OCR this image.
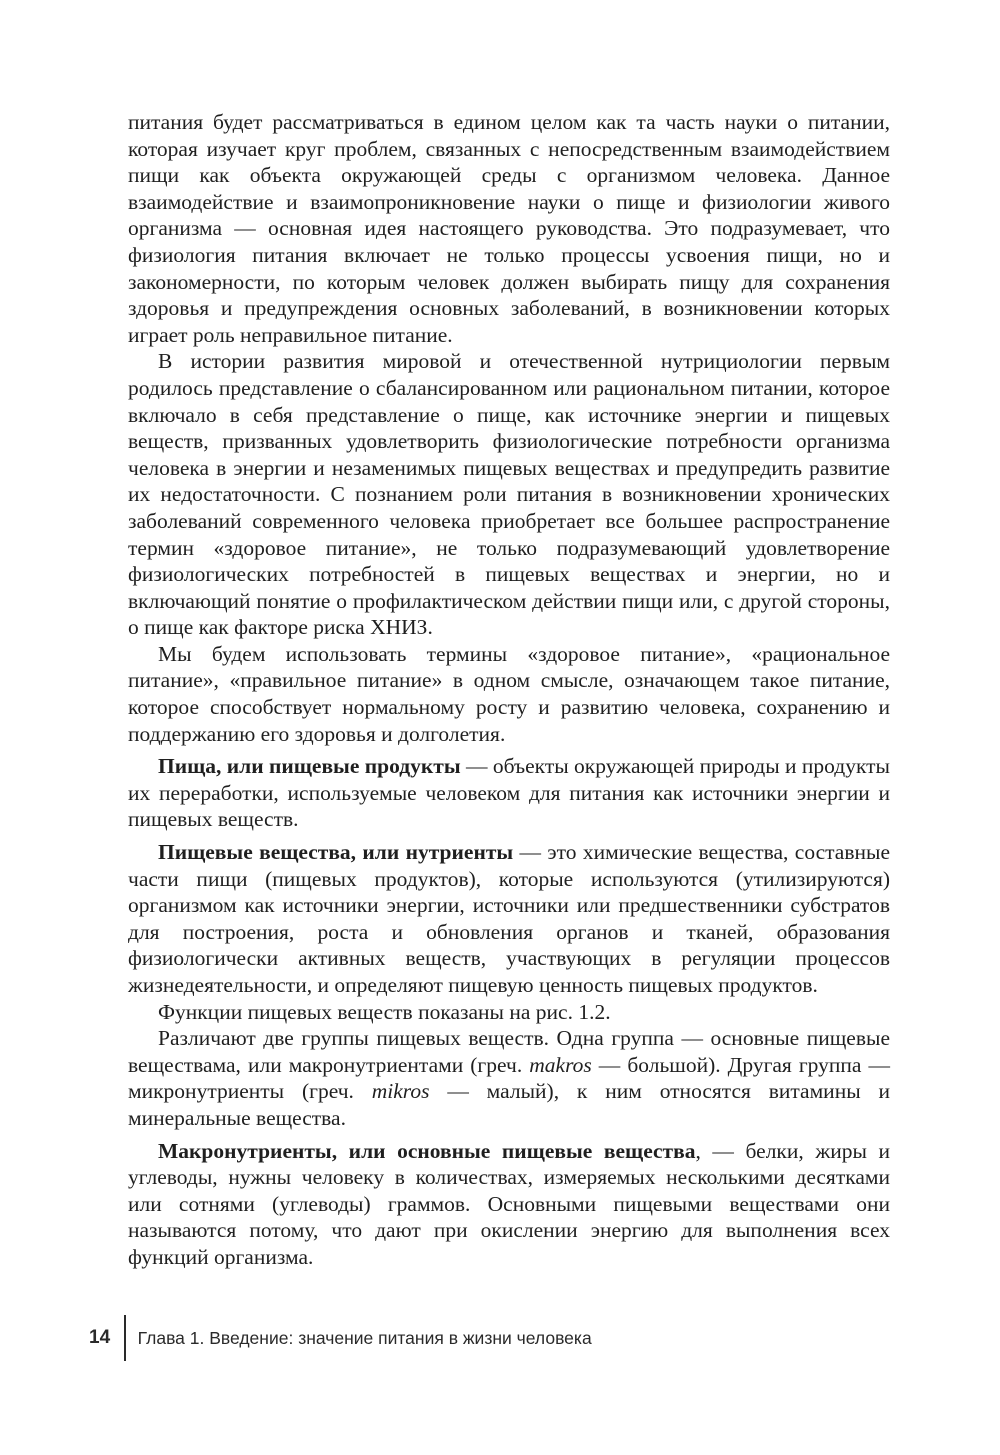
питания будет рассматриваться в едином целом как та часть науки о питании, которая изучает круг проблем, связанных с непосредственным взаимодействием пищи как объекта окружающей среды с организмом человека. Данное взаимодействие и взаимопроникновение науки о пище и физиологии живого организма — основная идея настоящего руководства. Это подразумевает, что физиология питания включает не только процессы усвоения пищи, но и закономерности, по которым человек должен выбирать пищу для сохранения здоровья и предупреждения основных заболеваний, в возникновении которых играет роль неправильное питание.

В истории развития мировой и отечественной нутрициологии первым родилось представление о сбалансированном или рациональном питании, которое включало в себя представление о пище, как источнике энергии и пищевых веществ, призванных удовлетворить физиологические потребности организма человека в энергии и незаменимых пищевых веществах и предупредить развитие их недостаточности. С познанием роли питания в возникновении хронических заболеваний современного человека приобретает все большее распространение термин «здоровое питание», не только подразумевающий удовлетворение физиологических потребностей в пищевых веществах и энергии, но и включающий понятие о профилактическом действии пищи или, с другой стороны, о пище как факторе риска ХНИЗ.

Мы будем использовать термины «здоровое питание», «рациональное питание», «правильное питание» в одном смысле, означающем такое питание, которое способствует нормальному росту и развитию человека, сохранению и поддержанию его здоровья и долголетия.

Пища, или пищевые продукты — объекты окружающей природы и продукты их переработки, используемые человеком для питания как источники энергии и пищевых веществ.

Пищевые вещества, или нутриенты — это химические вещества, составные части пищи (пищевых продуктов), которые используются (утилизируются) организмом как источники энергии, источники или предшественники субстратов для построения, роста и обновления органов и тканей, образования физиологически активных веществ, участвующих в регуляции процессов жизнедеятельности, и определяют пищевую ценность пищевых продуктов.

Функции пищевых веществ показаны на рис. 1.2.

Различают две группы пищевых веществ. Одна группа — основные пищевые веществама, или макронутриентами (греч. makros — большой). Другая группа — микронутриенты (греч. mikros — малый), к ним относятся витамины и минеральные вещества.

Макронутриенты, или основные пищевые вещества, — белки, жиры и углеводы, нужны человеку в количествах, измеряемых несколькими десятками или сотнями (углеводы) граммов. Основными пищевыми веществами они называются потому, что дают при окислении энергию для выполнения всех функций организма.

14	Глава 1. Введение: значение питания в жизни человека
